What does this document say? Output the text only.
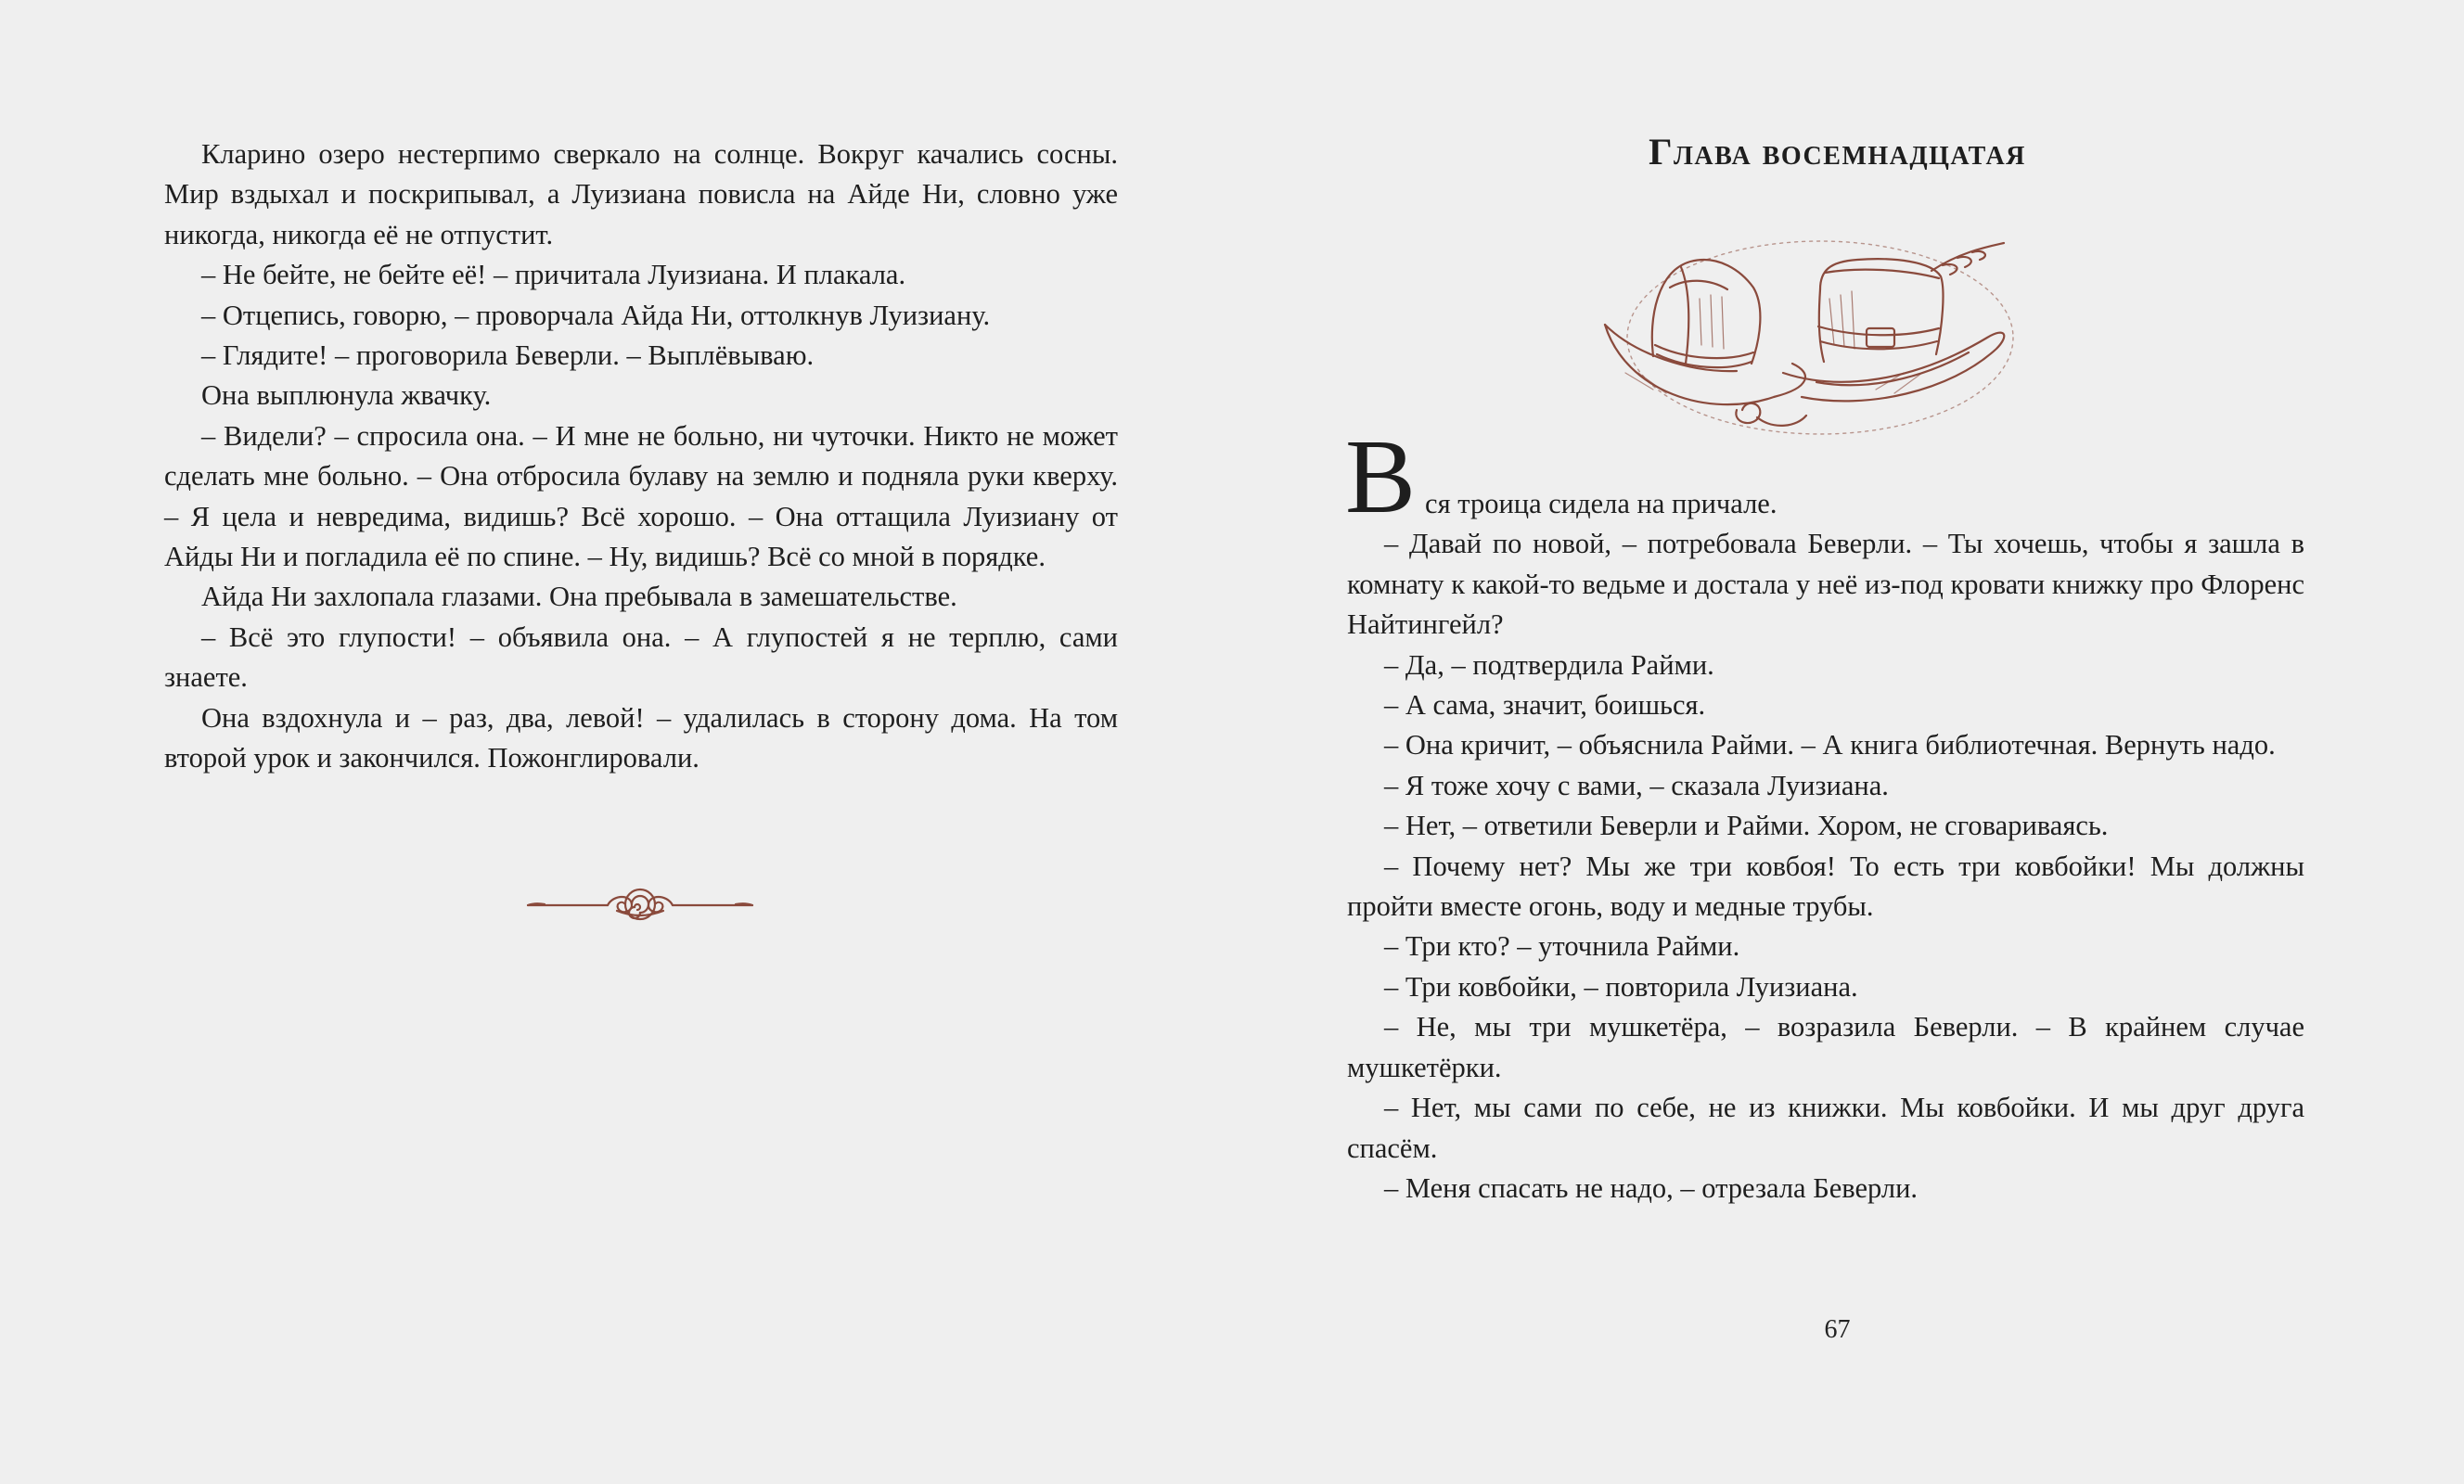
Кларино озеро нестерпимо сверкало на солнце. Вокруг качались сосны. Мир вздыхал и поскрипывал, а Луизиана повисла на Айде Ни, словно уже никогда, никогда её не отпустит.

– Не бейте, не бейте её! – причитала Луизиана. И плакала.

– Отцепись, говорю, – проворчала Айда Ни, оттолкнув Луизиану.

– Глядите! – проговорила Беверли. – Выплёвываю.

Она выплюнула жвачку.

– Видели? – спросила она. – И мне не больно, ни чуточки. Никто не может сделать мне больно. – Она отбросила булаву на землю и подняла руки кверху. – Я цела и невредима, видишь? Всё хорошо. – Она оттащила Луизиану от Айды Ни и погладила её по спине. – Ну, видишь? Всё со мной в порядке.

Айда Ни захлопала глазами. Она пребывала в замешательстве.

– Всё это глупости! – объявила она. – А глупостей я не терплю, сами знаете.

Она вздохнула и – раз, два, левой! – удалилась в сторону дома. На том второй урок и закончился. Пожонглировали.

Глава восемнадцатая

В ся троица сидела на причале.

– Давай по новой, – потребовала Беверли. – Ты хочешь, чтобы я зашла в комнату к какой-то ведьме и достала у неё из-под кровати книжку про Флоренс Найтингейл?

– Да, – подтвердила Райми.

– А сама, значит, боишься.

– Она кричит, – объяснила Райми. – А книга библиотечная. Вернуть надо.

– Я тоже хочу с вами, – сказала Луизиана.

– Нет, – ответили Беверли и Райми. Хором, не сговариваясь.

– Почему нет? Мы же три ковбоя! То есть три ковбойки! Мы должны пройти вместе огонь, воду и медные трубы.

– Три кто? – уточнила Райми.

– Три ковбойки, – повторила Луизиана.

– Не, мы три мушкетёра, – возразила Беверли. – В крайнем случае мушкетёрки.

– Нет, мы сами по себе, не из книжки. Мы ковбойки. И мы друг друга спасём.

– Меня спасать не надо, – отрезала Беверли.

67
